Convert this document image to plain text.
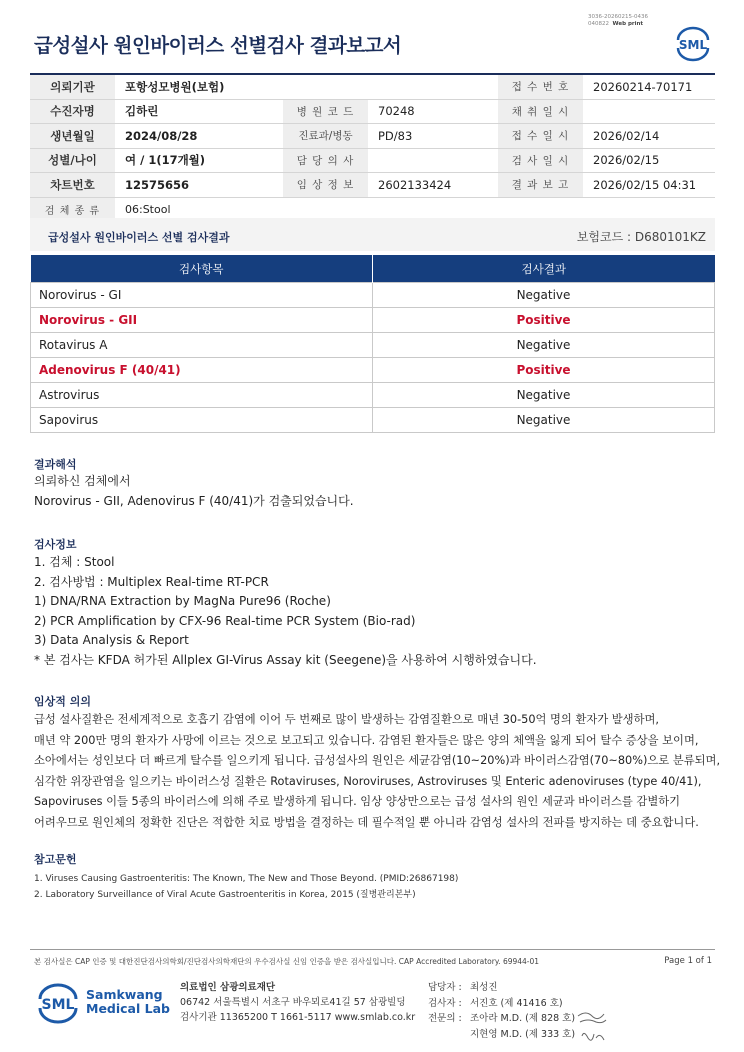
3036-20260215-0436
040822 Web print
급성설사 원인바이러스 선별검사 결과보고서	SML
의뢰기관	포항성모병원(보험)			접 수 번 호	20260214-70171
수진자명	김하린	병 원 코 드	70248	채 취 일 시	
생년월일	2024/08/28	진료과/병동	PD/83	접 수 일 시	2026/02/14
성별/나이	여 / 1(17개월)	담 당 의 사		검 사 일 시	2026/02/15
차트번호	12575656	임 상 정 보	2602133424	결 과 보 고	2026/02/15 04:31
검 체 종 류	06:Stool				
급성설사 원인바이러스 선별 검사결과	보험코드 : D680101KZ
검사항목	검사결과
Norovirus - GI	Negative
Norovirus - GII	Positive
Rotavirus A	Negative
Adenovirus F (40/41)	Positive
Astrovirus	Negative
Sapovirus	Negative
결과해석
의뢰하신 검체에서
Norovirus - GII, Adenovirus F (40/41)가 검출되었습니다.
검사정보
1. 검체 : Stool
2. 검사방법 : Multiplex Real-time RT-PCR
1) DNA/RNA Extraction by MagNa Pure96 (Roche)
2) PCR Amplification by CFX-96 Real-time PCR System (Bio-rad)
3) Data Analysis & Report
* 본 검사는 KFDA 허가된 Allplex GI-Virus Assay kit (Seegene)을 사용하여 시행하였습니다.
임상적 의의
급성 설사질환은 전세계적으로 호흡기 감염에 이어 두 번째로 많이 발생하는 감염질환으로 매년 30-50억 명의 환자가 발생하며,
매년 약 200만 명의 환자가 사망에 이르는 것으로 보고되고 있습니다. 감염된 환자들은 많은 양의 체액을 잃게 되어 탈수 증상을 보이며,
소아에서는 성인보다 더 빠르게 탈수를 일으키게 됩니다. 급성설사의 원인은 세균감염(10~20%)과 바이러스감염(70~80%)으로 분류되며,
심각한 위장관염을 일으키는 바이러스성 질환은 Rotaviruses, Noroviruses, Astroviruses 및 Enteric adenoviruses (type 40/41),
Sapoviruses 이들 5종의 바이러스에 의해 주로 발생하게 됩니다. 임상 양상만으로는 급성 설사의 원인 세균과 바이러스를 감별하기
어려우므로 원인체의 정확한 진단은 적합한 치료 방법을 결정하는 데 필수적일 뿐 아니라 감염성 설사의 전파를 방지하는 데 중요합니다.
참고문헌
1. Viruses Causing Gastroenteritis: The Known, The New and Those Beyond. (PMID:26867198)
2. Laboratory Surveillance of Viral Acute Gastroenteritis in Korea, 2015 (질병관리본부)
본 검사실은 CAP 인증 및 대한진단검사의학회/진단검사의학재단의 우수검사실 신임 인증을 받은 검사실입니다. CAP Accredited Laboratory. 69944-01	Page 1 of 1
SML
Samkwang
Medical Lab
의료법인 삼광의료재단
06742 서울특별시 서초구 바우뫼로41길 57 삼광빌딩
검사기관 11365200 T 1661-5117 www.smlab.co.kr
담당자 : 최성진
검사자 : 서진호 (제 41416 호)
전문의 : 조아라 M.D. (제 828 호)
지현영 M.D. (제 333 호)
